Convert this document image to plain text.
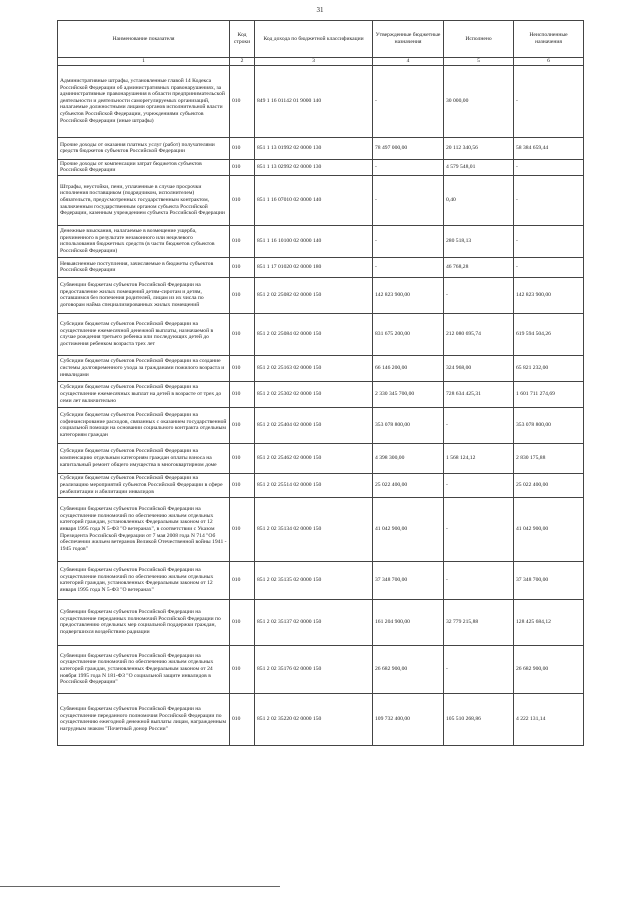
31
Наименование показателя	Код строки	Код дохода по бюджетной классификации	Утвержденные бюджетные назначения	Исполнено	Неисполненные назначения
1	2	3	4	5	6
Административные штрафы, установленные главой 14 Кодекса Российской Федерации об административных правонарушениях, за административные правонарушения в области предпринимательской деятельности и деятельности саморегулируемых организаций, налагаемые должностными лицами органов исполнительной власти субъектов Российской Федерации, учреждениями субъектов Российской Федерации (иные штрафы)	010	849 1 16 01142 01 9000 140	-	30 000,00	-
Прочие доходы от оказания платных услуг (работ) получателями средств бюджетов субъектов Российской Федерации	010	851 1 13 01992 02 0000 130	78 497 000,00	20 112 340,56	58 384 659,44
Прочие доходы от компенсации затрат бюджетов субъектов Российской Федерации	010	851 1 13 02992 02 0000 130	-	4 579 548,01	-
Штрафы, неустойки, пени, уплаченные в случае просрочки исполнения поставщиком (подрядчиком, исполнителем) обязательств, предусмотренных государственным контрактом, заключенным государственным органом субъекта Российской Федерации, казенным учреждением субъекта Российской Федерации	010	851 1 16 07010 02 0000 140	-	0,40	-
Денежные взыскания, налагаемые в возмещение ущерба, причиненного в результате незаконного или нецелевого использования бюджетных средств (в части бюджетов субъектов Российской Федерации)	010	851 1 16 10100 02 0000 140	-	280 518,13	-
Невыясненные поступления, зачисляемые в бюджеты субъектов Российской Федерации	010	851 1 17 01020 02 0000 180	-	46 768,28	-
Субвенции бюджетам субъектов Российской Федерации на предоставление жилых помещений детям-сиротам и детям, оставшимся без попечения родителей, лицам из их числа по договорам найма специализированных жилых помещений	010	851 2 02 25082 02 0000 150	142 823 900,00	-	142 823 900,00
Субсидии бюджетам субъектов Российской Федерации на осуществление ежемесячной денежной выплаты, назначаемой в случае рождения третьего ребенка или последующих детей до достижения ребенком возраста трех лет	010	851 2 02 25084 02 0000 150	831 675 200,00	212 080 695,74	619 594 504,26
Субсидии бюджетам субъектов Российской Федерации на создание системы долговременного ухода за гражданами пожилого возраста и инвалидами	010	851 2 02 25163 02 0000 150	66 146 200,00	324 968,00	65 821 232,00
Субсидии бюджетам субъектов Российской Федерации на осуществление ежемесячных выплат на детей в возрасте от трех до семи лет включительно	010	851 2 02 25302 02 0000 150	2 330 345 700,00	728 634 425,31	1 601 711 274,69
Субсидии бюджетам субъектов Российской Федерации на софинансирование расходов, связанных с оказанием государственной социальной помощи на основании социального контракта отдельным категориям граждан	010	851 2 02 25404 02 0000 150	353 078 800,00	-	353 078 800,00
Субсидии бюджетам субъектов Российской Федерации на компенсацию отдельным категориям граждан оплаты взноса на капитальный ремонт общего имущества в многоквартирном доме	010	851 2 02 25462 02 0000 150	4 398 300,00	1 568 124,12	2 830 175,88
Субсидии бюджетам субъектов Российской Федерации на реализацию мероприятий субъектов Российской Федерации в сфере реабилитации и абилитации инвалидов	010	851 2 02 25514 02 0000 150	25 022 400,00	-	25 022 400,00
Субвенции бюджетам субъектов Российской Федерации на осуществление полномочий по обеспечению жильем отдельных категорий граждан, установленных Федеральным законом от 12 января 1995 года N 5-ФЗ "О ветеранах", в соответствии с Указом Президента Российской Федерации от 7 мая 2008 года N 714 "Об обеспечении жильем ветеранов Великой Отечественной войны 1941 - 1945 годов"	010	851 2 02 35134 02 0000 150	41 042 900,00	-	41 042 900,00
Субвенции бюджетам субъектов Российской Федерации на осуществление полномочий по обеспечению жильем отдельных категорий граждан, установленных Федеральным законом от 12 января 1995 года N 5-ФЗ "О ветеранах"	010	851 2 02 35135 02 0000 150	37 348 700,00	-	37 348 700,00
Субвенции бюджетам субъектов Российской Федерации на осуществление переданных полномочий Российской Федерации по предоставлению отдельных мер социальной поддержки граждан, подвергшихся воздействию радиации	010	851 2 02 35137 02 0000 150	161 204 900,00	32 779 215,88	128 425 684,12
Субвенции бюджетам субъектов Российской Федерации на осуществление полномочий по обеспечению жильем отдельных категорий граждан, установленных Федеральным законом от 24 ноября 1995 года N 181-ФЗ "О социальной защите инвалидов в Российской Федерации"	010	851 2 02 35176 02 0000 150	26 682 900,00	-	26 682 900,00
Субвенции бюджетам субъектов Российской Федерации на осуществление переданного полномочия Российской Федерации по осуществлению ежегодной денежной выплаты лицам, награжденным нагрудным знаком "Почетный донор России"	010	851 2 02 35220 02 0000 150	109 732 400,00	105 510 268,86	4 222 131,14
